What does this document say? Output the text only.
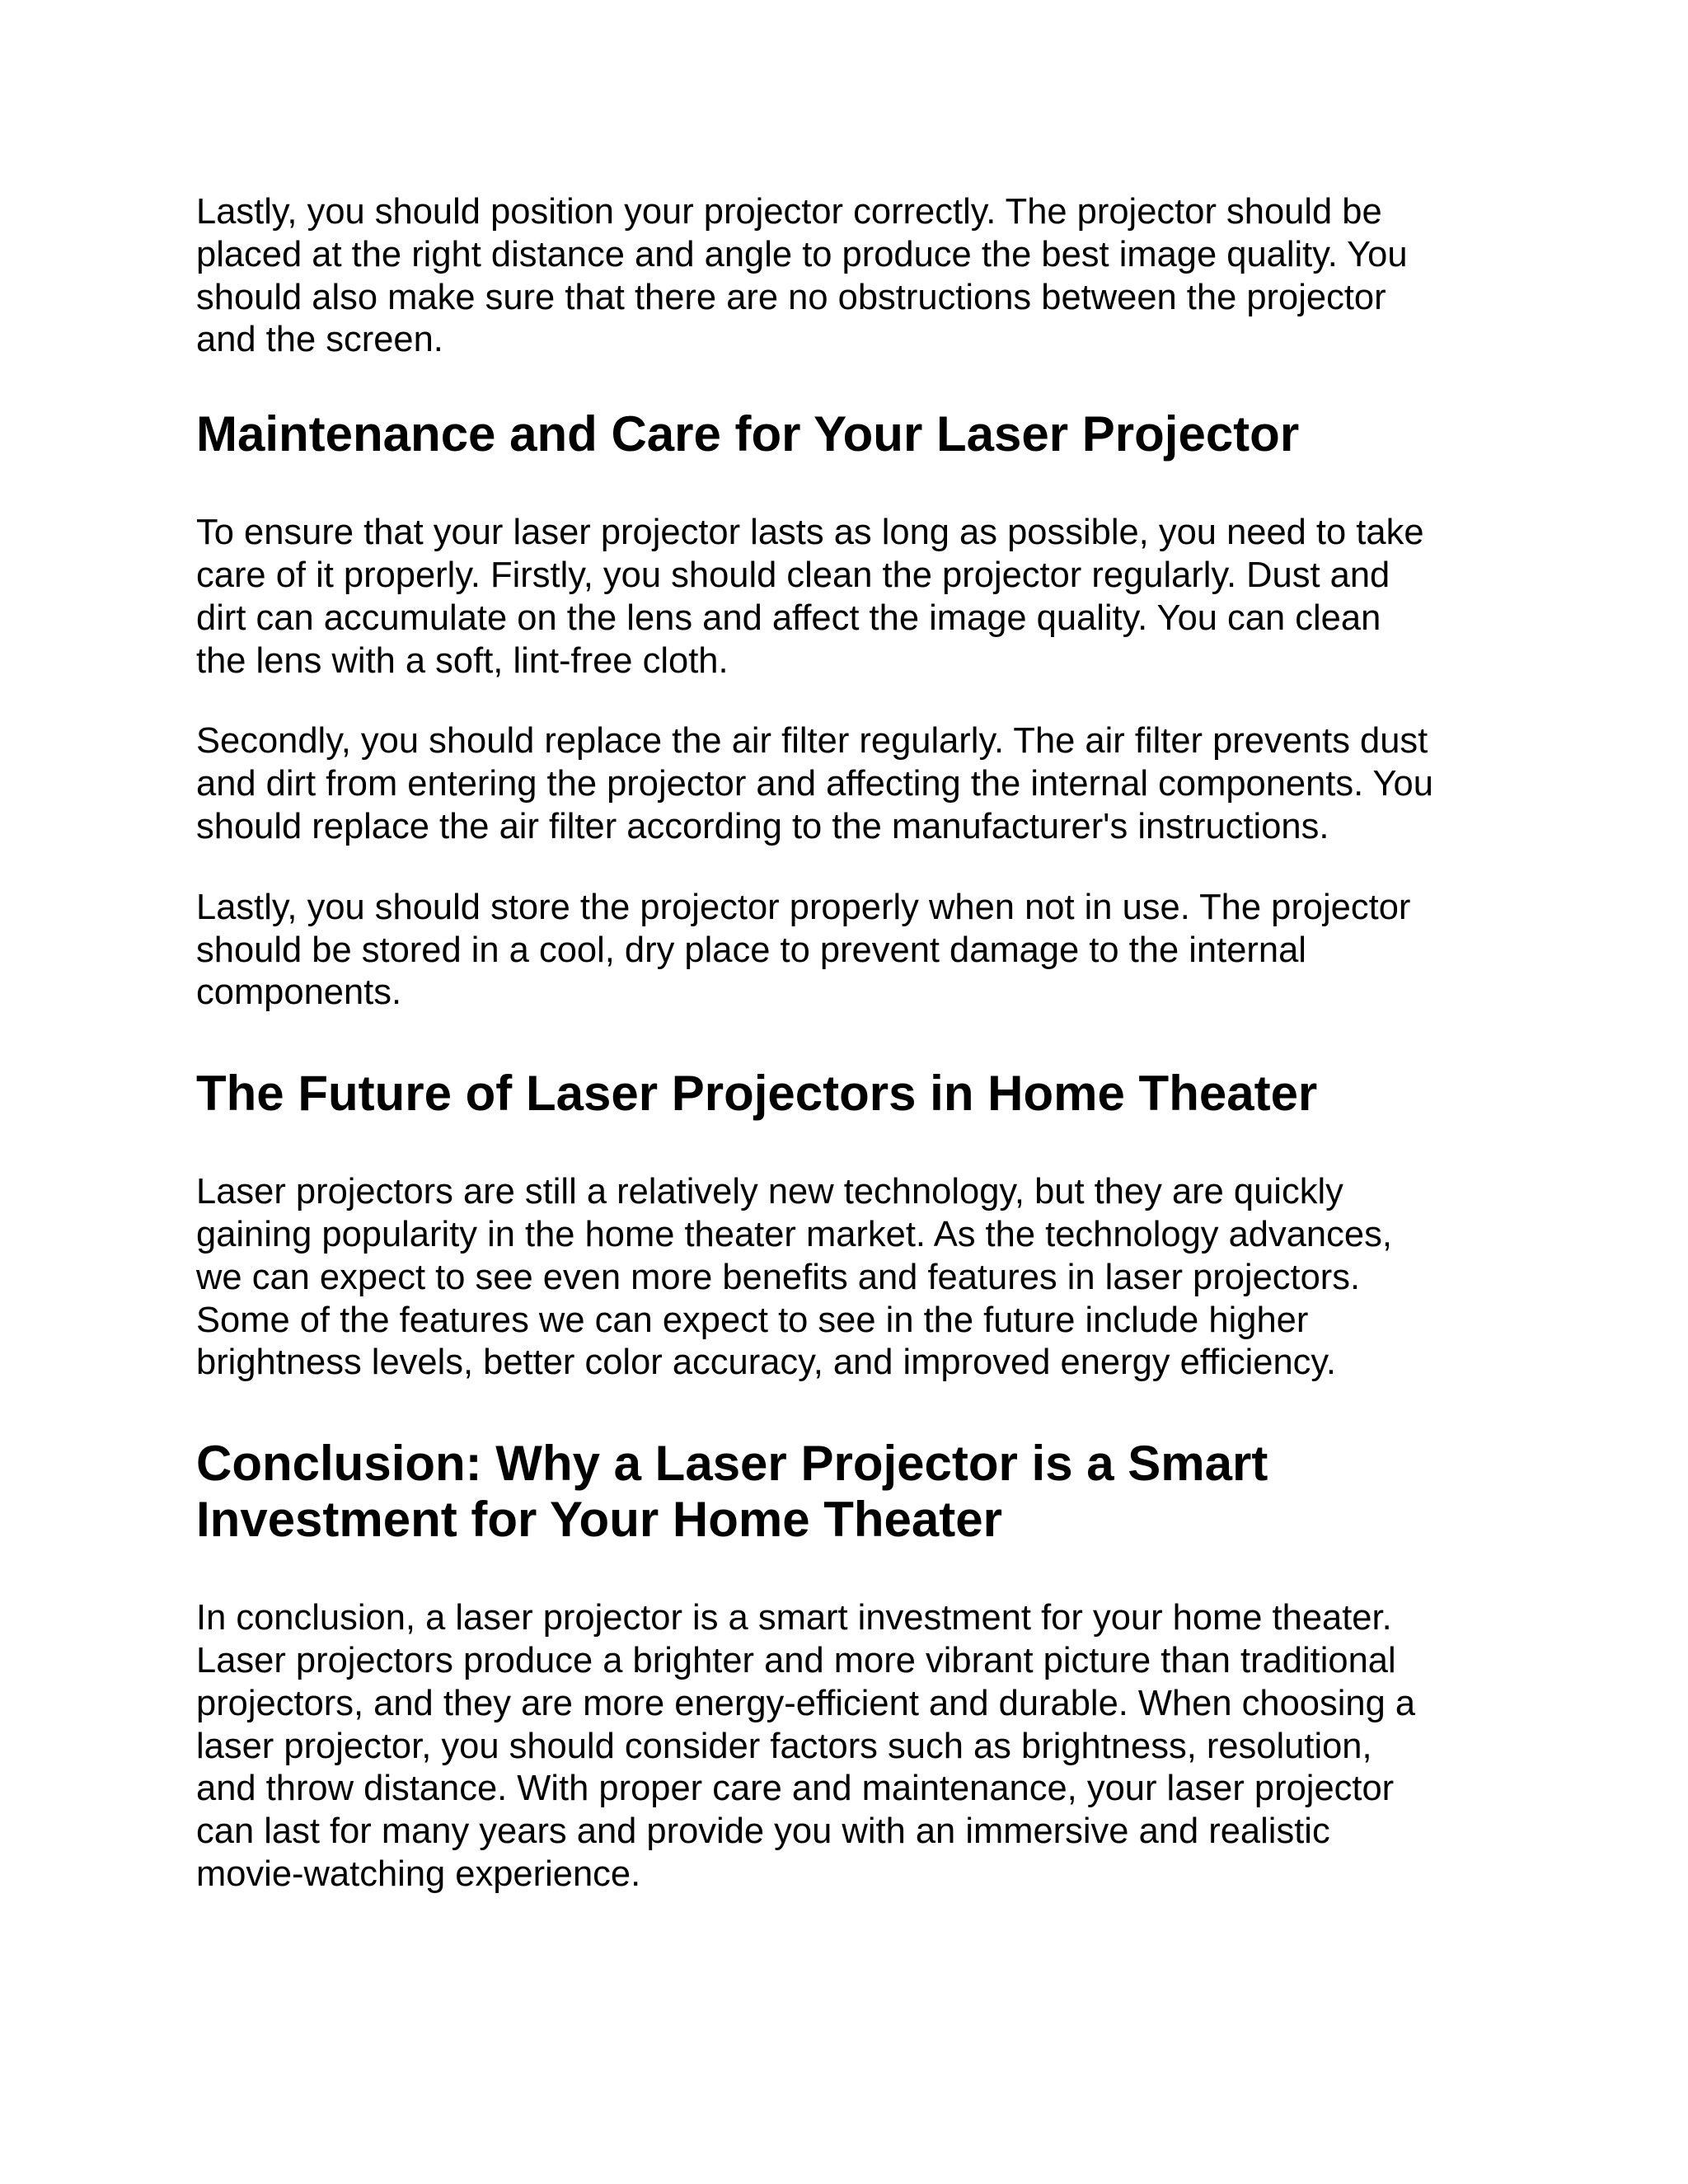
Lastly, you should position your projector correctly. The projector should be
placed at the right distance and angle to produce the best image quality. You
should also make sure that there are no obstructions between the projector
and the screen.

Maintenance and Care for Your Laser Projector

To ensure that your laser projector lasts as long as possible, you need to take
care of it properly. Firstly, you should clean the projector regularly. Dust and
dirt can accumulate on the lens and affect the image quality. You can clean
the lens with a soft, lint-free cloth.

Secondly, you should replace the air filter regularly. The air filter prevents dust
and dirt from entering the projector and affecting the internal components. You
should replace the air filter according to the manufacturer's instructions.

Lastly, you should store the projector properly when not in use. The projector
should be stored in a cool, dry place to prevent damage to the internal
components.

The Future of Laser Projectors in Home Theater

Laser projectors are still a relatively new technology, but they are quickly
gaining popularity in the home theater market. As the technology advances,
we can expect to see even more benefits and features in laser projectors.
Some of the features we can expect to see in the future include higher
brightness levels, better color accuracy, and improved energy efficiency.

Conclusion: Why a Laser Projector is a Smart
Investment for Your Home Theater

In conclusion, a laser projector is a smart investment for your home theater.
Laser projectors produce a brighter and more vibrant picture than traditional
projectors, and they are more energy-efficient and durable. When choosing a
laser projector, you should consider factors such as brightness, resolution,
and throw distance. With proper care and maintenance, your laser projector
can last for many years and provide you with an immersive and realistic
movie-watching experience.
